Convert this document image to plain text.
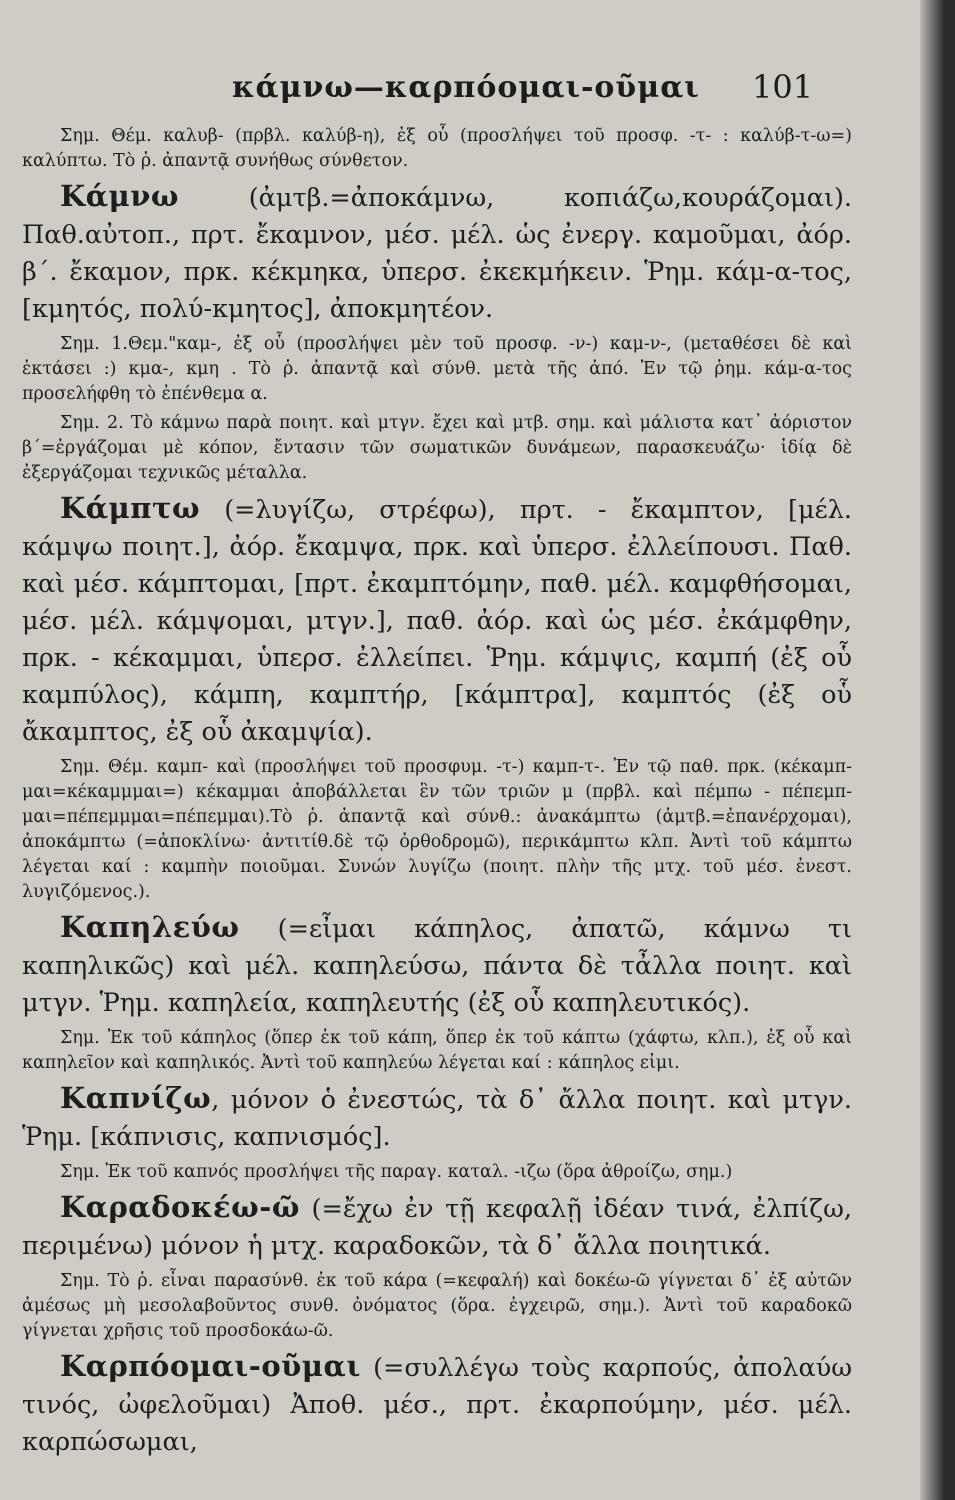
κάμνω—καρπόομαι-οῦμαι 101

Σημ. Θέμ. καλυβ- (πρβλ. καλύβ-η), ἐξ οὗ (προσλήψει τοῦ προσφ. -τ- : καλύβ-τ-ω=) καλύπτω. Τὸ ῥ. ἀπαντᾷ συνήθως σύνθετον.

Κάμνω (ἀμτβ.=ἀποκάμνω, κοπιάζω,κουράζομαι). Παθ.αὐτοπ., πρτ. ἔκαμνον, μέσ. μέλ. ὡς ἐνεργ. καμοῦμαι, ἀόρ. β΄. ἔκαμον, πρκ. κέκμηκα, ὑπερσ. ἐκεκμήκειν. Ῥημ. κάμ-α-τος, [κμητός, πολύ-κμητος], ἀποκμητέον.

Σημ. 1.Θεμ."καμ-, ἐξ οὗ (προσλήψει μὲν τοῦ προσφ. -ν-) καμ-ν-, (μεταθέσει δὲ καὶ ἐκτάσει :) κμα-, κμη . Τὸ ῥ. ἀπαντᾷ καὶ σύνθ. μετὰ τῆς ἀπό. Ἐν τῷ ῥημ. κάμ-α-τος προσελήφθη τὸ ἐπένθεμα α.

Σημ. 2. Τὸ κάμνω παρὰ ποιητ. καὶ μτγν. ἔχει καὶ μτβ. σημ. καὶ μάλιστα κατ᾽ ἀόριστον β΄=ἐργάζομαι μὲ κόπον, ἔντασιν τῶν σωματικῶν δυνάμεων, παρασκευάζω· ἰδίᾳ δὲ ἐξεργάζομαι τεχνικῶς μέταλλα.

Κάμπτω (=λυγίζω, στρέφω), πρτ. - ἔκαμπτον, [μέλ. κάμψω ποιητ.], ἀόρ. ἔκαμψα, πρκ. καὶ ὑπερσ. ἐλλείπουσι. Παθ. καὶ μέσ. κάμπτομαι, [πρτ. ἐκαμπτόμην, παθ. μέλ. καμφθήσομαι, μέσ. μέλ. κάμψομαι, μτγν.], παθ. ἀόρ. καὶ ὡς μέσ. ἐκάμφθην, πρκ. - κέκαμμαι, ὑπερσ. ἐλλείπει. Ῥημ. κάμψις, καμπή (ἐξ οὗ καμπύλος), κάμπη, καμπτήρ, [κάμπτρα], καμπτός (ἐξ οὗ ἄκαμπτος, ἐξ οὗ ἀκαμψία).

Σημ. Θέμ. καμπ- καὶ (προσλήψει τοῦ προσφυμ. -τ-) καμπ-τ-. Ἐν τῷ παθ. πρκ. (κέκαμπ-μαι=κέκαμμμαι=) κέκαμμαι ἀποβάλλεται ἓν τῶν τριῶν μ (πρβλ. καὶ πέμπω - πέπεμπ-μαι=πέπεμμμαι=πέπεμμαι).Τὸ ῥ. ἀπαντᾷ καὶ σύνθ.: ἀνακάμπτω (ἀμτβ.=ἐπανέρχομαι), ἀποκάμπτω (=ἀποκλίνω· ἀντιτίθ.δὲ τῷ ὀρθοδρομῶ), περικάμπτω κλπ. Ἀντὶ τοῦ κάμπτω λέγεται καί : καμπὴν ποιοῦμαι. Συνών λυγίζω (ποιητ. πλὴν τῆς μτχ. τοῦ μέσ. ἐνεστ. λυγιζόμενος.).

Καπηλεύω (=εἶμαι κάπηλος, ἀπατῶ, κάμνω τι καπηλικῶς) καὶ μέλ. καπηλεύσω, πάντα δὲ τἆλλα ποιητ. καὶ μτγν. Ῥημ. καπηλεία, καπηλευτής (ἐξ οὗ καπηλευτικός).

Σημ. Ἐκ τοῦ κάπηλος (ὅπερ ἐκ τοῦ κάπη, ὅπερ ἐκ τοῦ κάπτω (χάφτω, κλπ.), ἐξ οὗ καὶ καπηλεῖον καὶ καπηλικός. Ἀντὶ τοῦ καπηλεύω λέγεται καί : κάπηλος εἰμι.

Καπνίζω, μόνον ὁ ἐνεστώς, τὰ δ᾽ ἄλλα ποιητ. καὶ μτγν. Ῥημ. [κάπνισις, καπνισμός].

Σημ. Ἐκ τοῦ καπνός προσλήψει τῆς παραγ. καταλ. -ιζω (ὅρα ἀθροίζω, σημ.)

Καραδοκέω-ῶ (=ἔχω ἐν τῇ κεφαλῇ ἰδέαν τινά, ἐλπίζω, περιμένω) μόνον ἡ μτχ. καραδοκῶν, τὰ δ᾽ ἄλλα ποιητικά.

Σημ. Τὸ ῥ. εἶναι παρασύνθ. ἐκ τοῦ κάρα (=κεφαλή) καὶ δοκέω-ῶ γίγνεται δ᾽ ἐξ αὐτῶν ἀμέσως μὴ μεσολαβοῦντος συνθ. ὀνόματος (ὅρα. ἐγχειρῶ, σημ.). Ἀντὶ τοῦ καραδοκῶ γίγνεται χρῆσις τοῦ προσδοκάω-ῶ.

Καρπόομαι-οῦμαι (=συλλέγω τοὺς καρπούς, ἀπολαύω τινός, ὠφελοῦμαι) Ἀποθ. μέσ., πρτ. ἐκαρπούμην, μέσ. μέλ. καρπώσωμαι,
